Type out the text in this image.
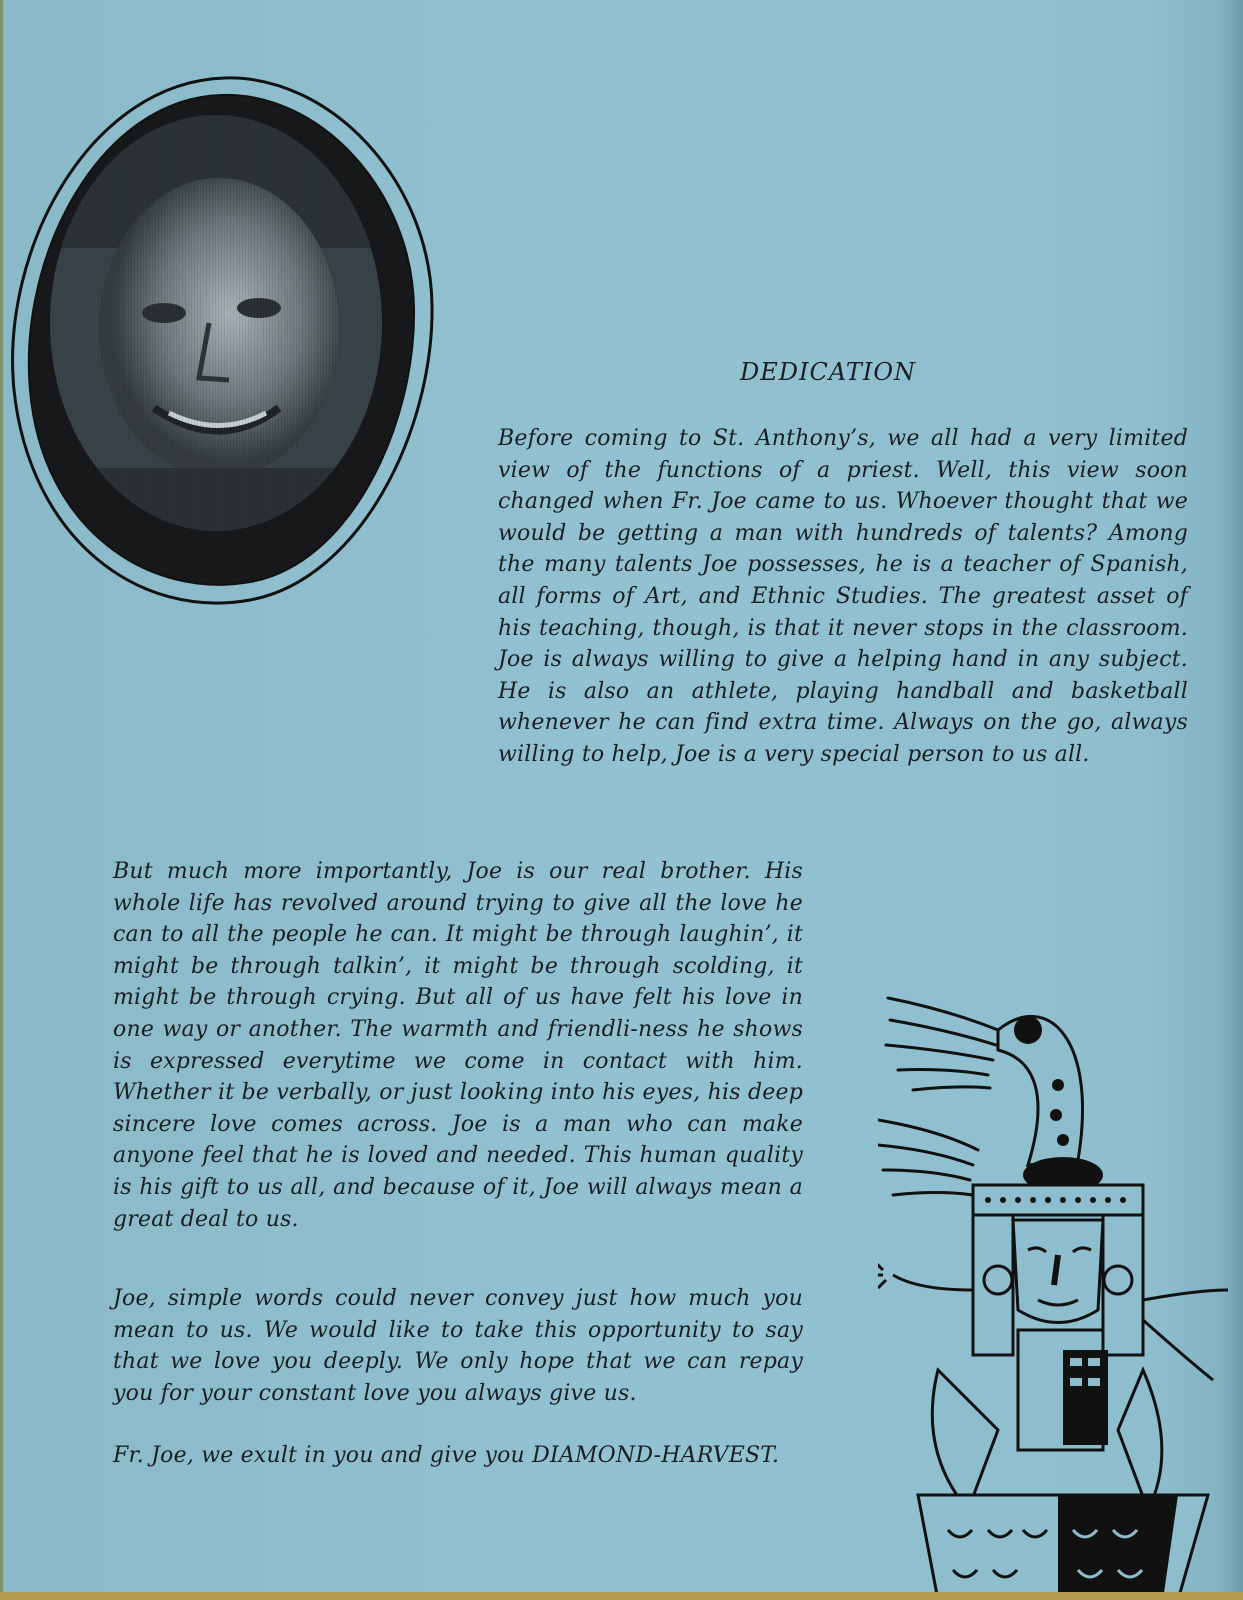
DEDICATION

Before coming to St. Anthony’s, we all had a very limited view of the functions of a priest. Well, this view soon changed when Fr. Joe came to us. Whoever thought that we would be getting a man with hundreds of talents? Among the many talents Joe possesses, he is a teacher of Spanish, all forms of Art, and Ethnic Studies. The greatest asset of his teaching, though, is that it never stops in the classroom. Joe is always willing to give a helping hand in any subject. He is also an athlete, playing handball and basketball whenever he can find extra time. Always on the go, always willing to help, Joe is a very special person to us all.

But much more importantly, Joe is our real brother. His whole life has revolved around trying to give all the love he can to all the people he can. It might be through laughin’, it might be through talkin’, it might be through scolding, it might be through crying. But all of us have felt his love in one way or another. The warmth and friendli-ness he shows is expressed everytime we come in contact with him. Whether it be verbally, or just looking into his eyes, his deep sincere love comes across. Joe is a man who can make anyone feel that he is loved and needed. This human quality is his gift to us all, and because of it, Joe will always mean a great deal to us.

Joe, simple words could never convey just how much you mean to us. We would like to take this opportunity to say that we love you deeply. We only hope that we can repay you for your constant love you always give us.

Fr. Joe, we exult in you and give you DIAMOND-HARVEST.
